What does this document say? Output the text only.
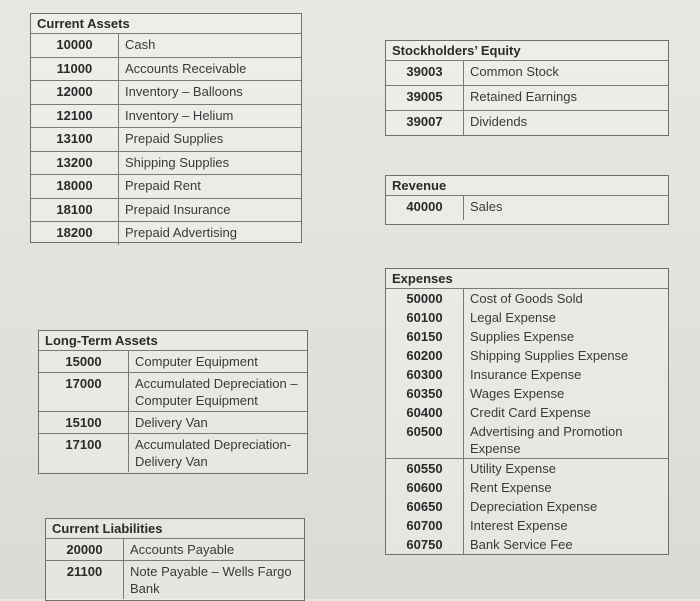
Current Assets
10000	Cash
11000	Accounts Receivable
12000	Inventory – Balloons
12100	Inventory – Helium
13100	Prepaid Supplies
13200	Shipping Supplies
18000	Prepaid Rent
18100	Prepaid Insurance
18200	Prepaid Advertising
Stockholders’ Equity
39003	Common Stock
39005	Retained Earnings
39007	Dividends
Revenue
40000	Sales
Expenses
50000	Cost of Goods Sold
60100	Legal Expense
60150	Supplies Expense
60200	Shipping Supplies Expense
60300	Insurance Expense
60350	Wages Expense
60400	Credit Card Expense
60500	Advertising and Promotion Expense
60550	Utility Expense
60600	Rent Expense
60650	Depreciation Expense
60700	Interest Expense
60750	Bank Service Fee
Long-Term Assets
15000	Computer Equipment
17000	Accumulated Depreciation –Computer Equipment
15100	Delivery Van
17100	Accumulated Depreciation-Delivery Van
Current Liabilities
20000	Accounts Payable
21100	Note Payable – Wells Fargo Bank
